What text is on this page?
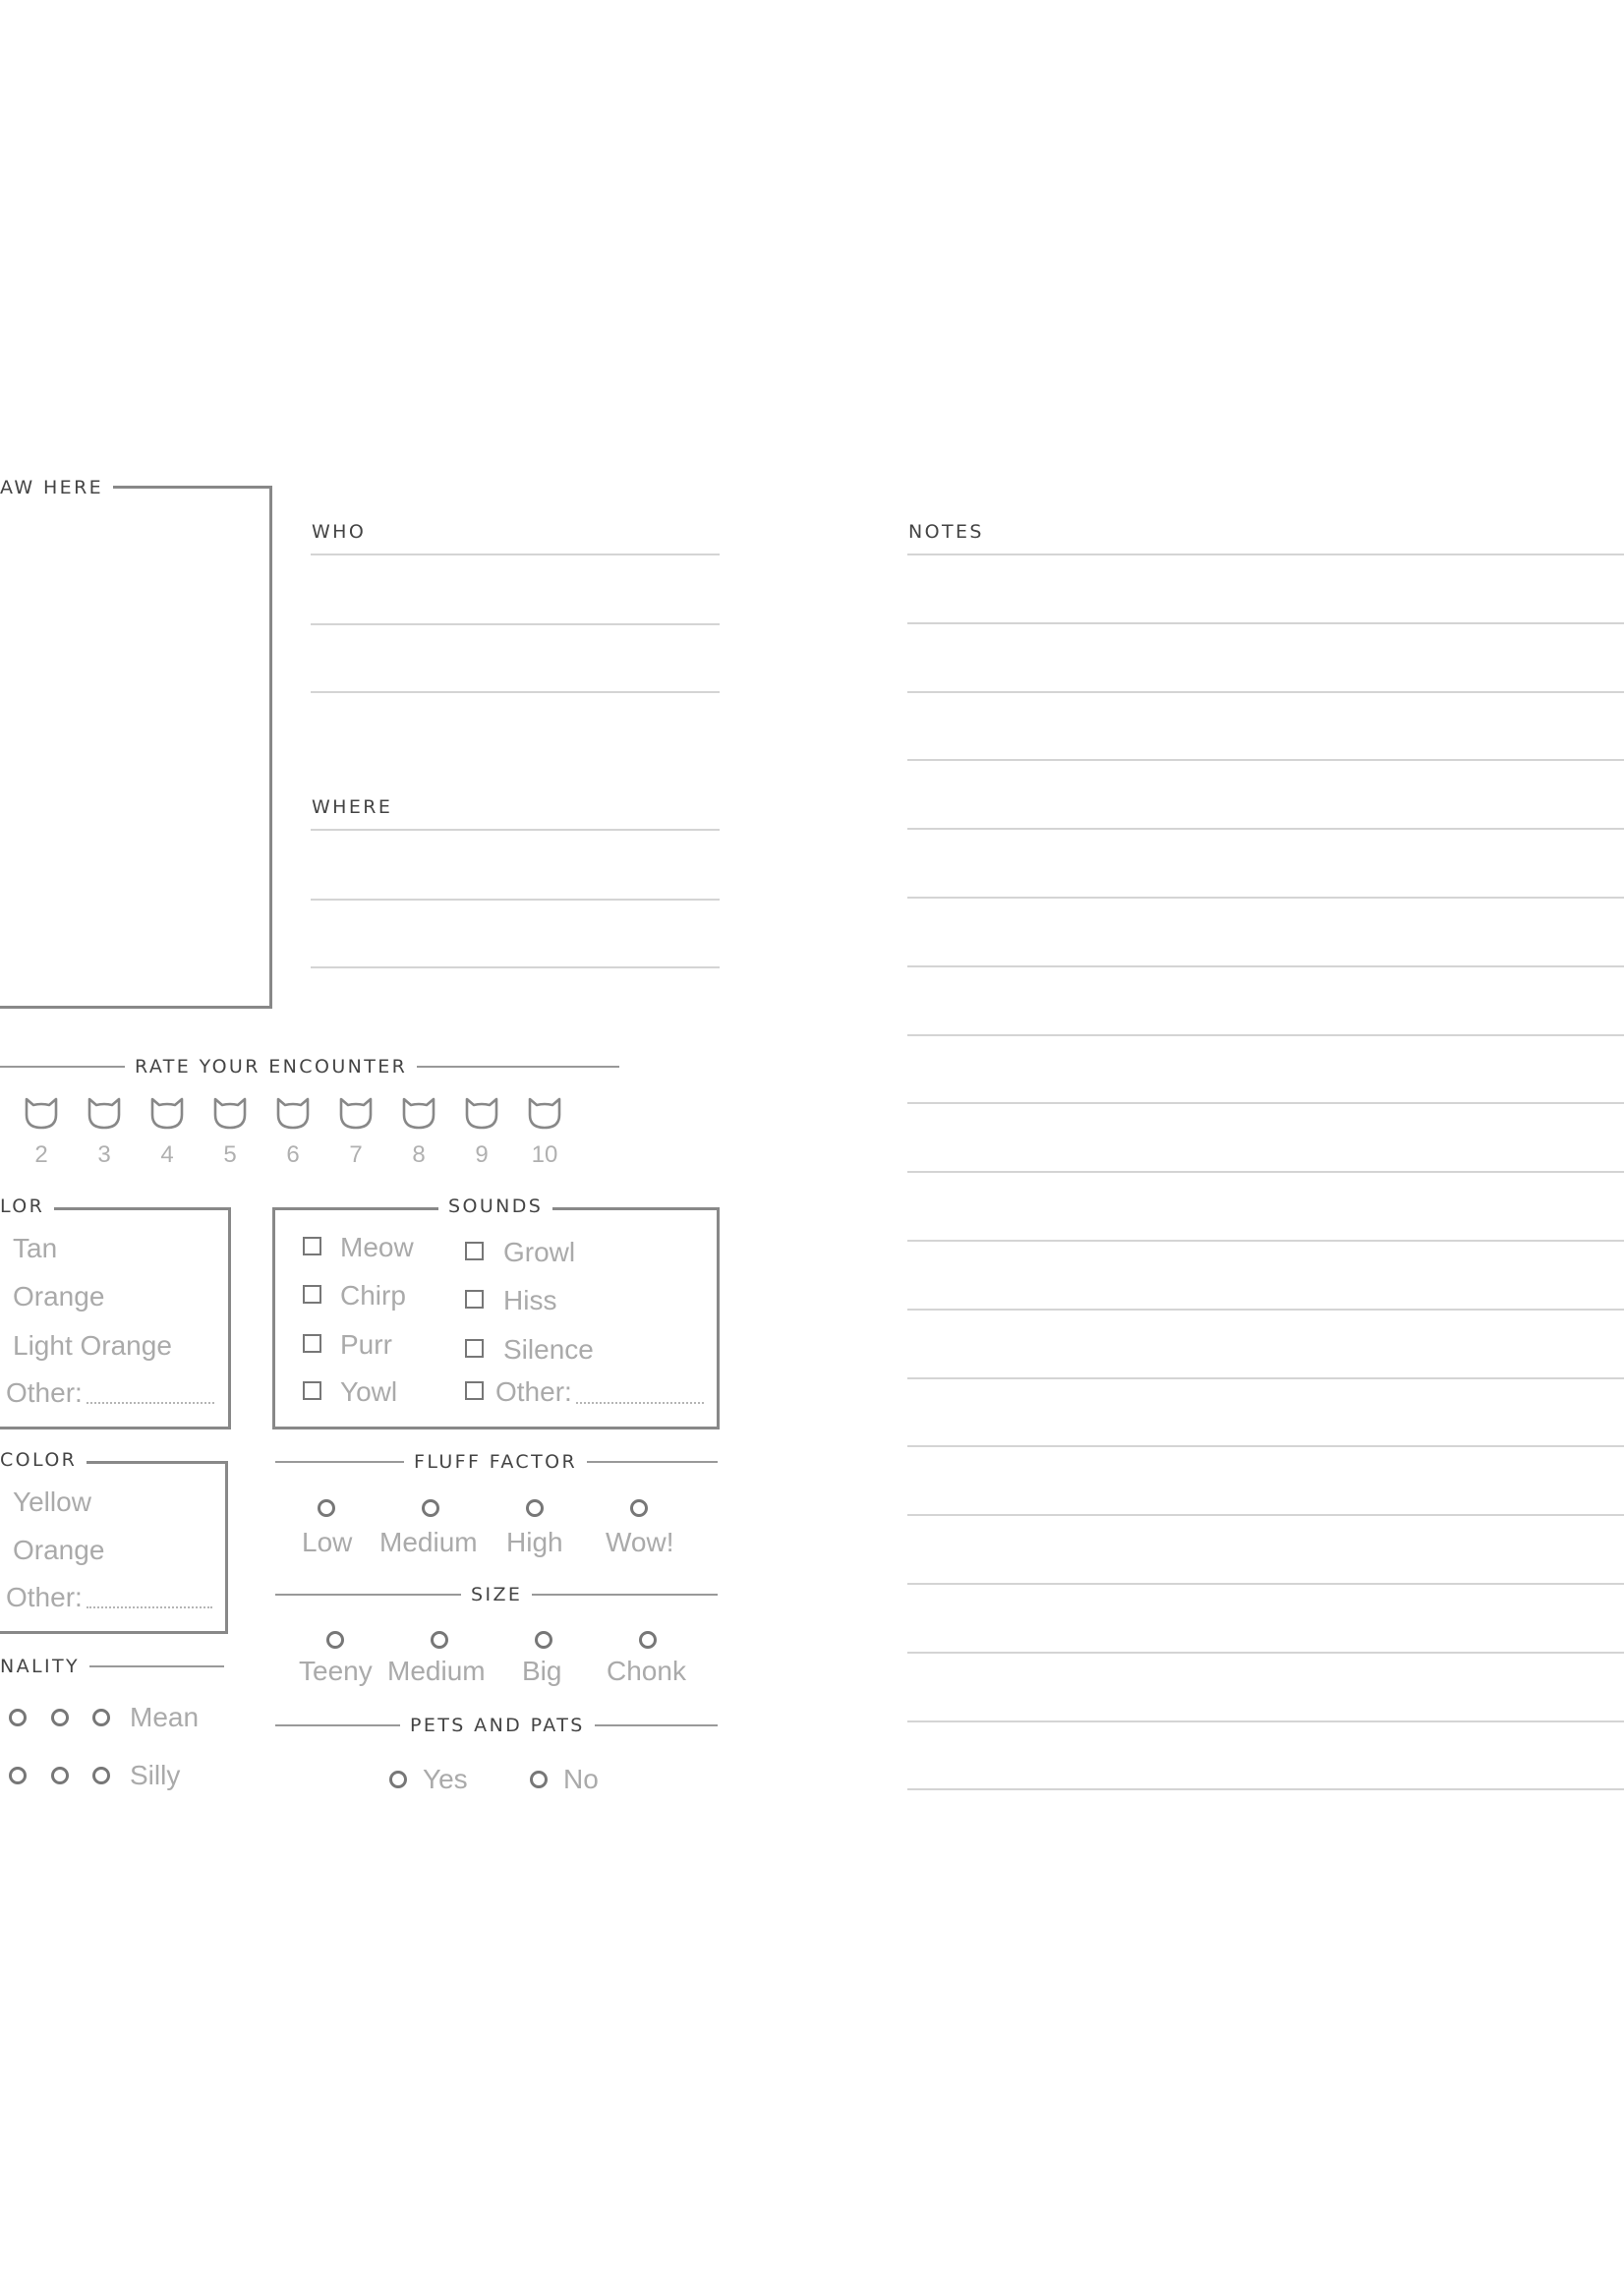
AW HERE
WHO
WHERE
NOTES
RATE YOUR ENCOUNTER
2	3	4	5	6	7	8	9	10
LOR
Tan
Orange
Light Orange
Other:
COLOR
Yellow
Orange
Other:
NALITY
Mean
Silly
SOUNDS
Meow
Chirp
Purr
Yowl
Growl
Hiss
Silence
Other:
FLUFF FACTOR
Low Medium High Wow!
SIZE
Teeny Medium Big Chonk
PETS AND PATS
Yes	No
